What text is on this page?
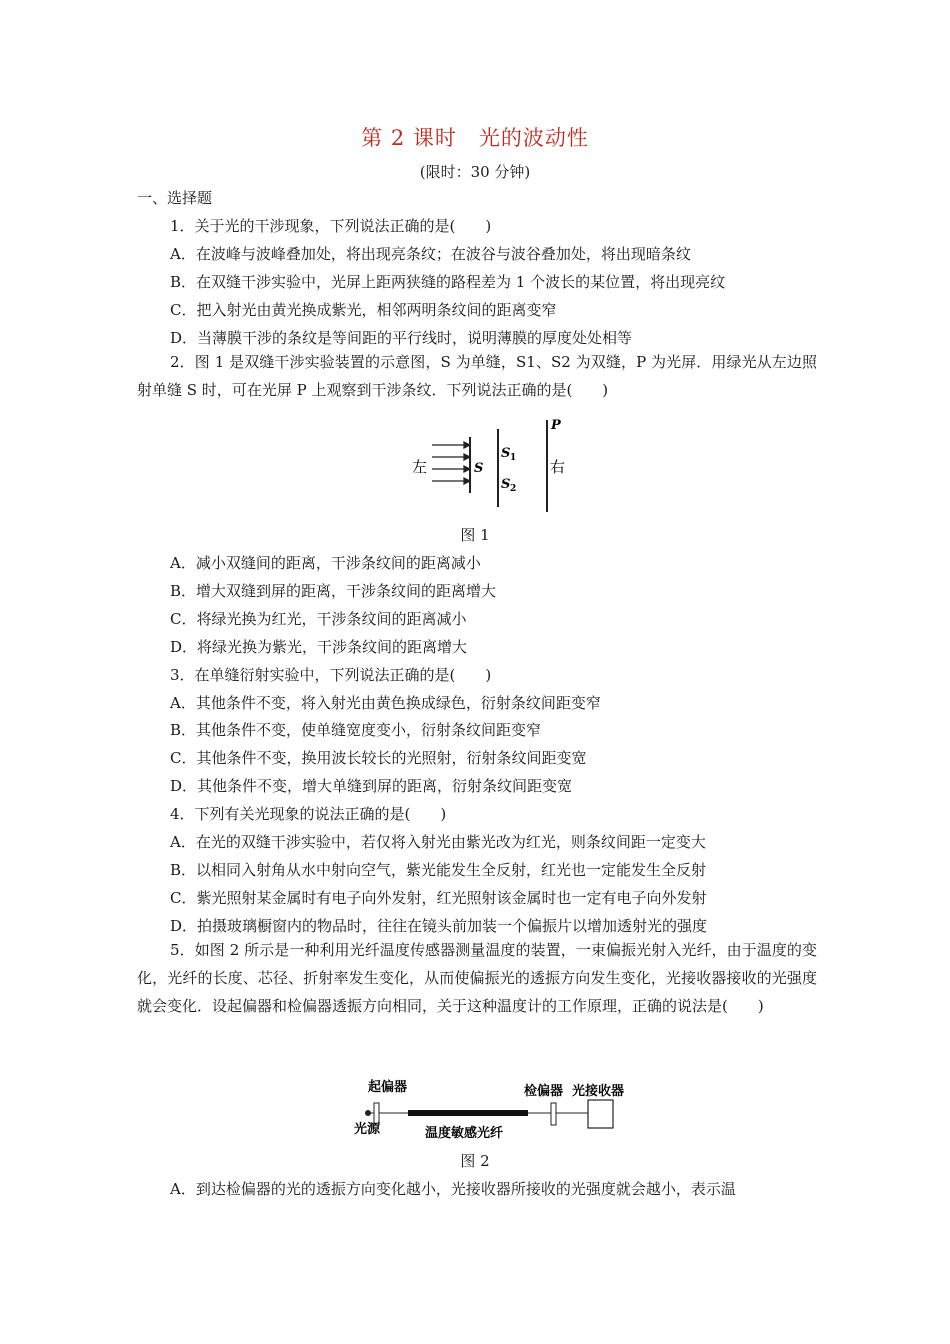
第 2 课时　光的波动性
(限时：30 分钟)
一、选择题
1．关于光的干涉现象，下列说法正确的是(　　)
A．在波峰与波峰叠加处，将出现亮条纹；在波谷与波谷叠加处，将出现暗条纹
B．在双缝干涉实验中，光屏上距两狭缝的路程差为 1 个波长的某位置，将出现亮纹
C．把入射光由黄光换成紫光，相邻两明条纹间的距离变窄
D．当薄膜干涉的条纹是等间距的平行线时，说明薄膜的厚度处处相等
2．图 1 是双缝干涉实验装置的示意图，S 为单缝，S1、S2 为双缝，P 为光屏．用绿光从左边照射单缝 S 时，可在光屏 P 上观察到干涉条纹．下列说法正确的是(　　)
左	S
S 1
S 2
P
右
图 1
A．减小双缝间的距离，干涉条纹间的距离减小
B．增大双缝到屏的距离，干涉条纹间的距离增大
C．将绿光换为红光，干涉条纹间的距离减小
D．将绿光换为紫光，干涉条纹间的距离增大
3．在单缝衍射实验中，下列说法正确的是(　　)
A．其他条件不变，将入射光由黄色换成绿色，衍射条纹间距变窄
B．其他条件不变，使单缝宽度变小，衍射条纹间距变窄
C．其他条件不变，换用波长较长的光照射，衍射条纹间距变宽
D．其他条件不变，增大单缝到屏的距离，衍射条纹间距变宽
4．下列有关光现象的说法正确的是(　　)
A．在光的双缝干涉实验中，若仅将入射光由紫光改为红光，则条纹间距一定变大
B．以相同入射角从水中射向空气，紫光能发生全反射，红光也一定能发生全反射
C．紫光照射某金属时有电子向外发射，红光照射该金属时也一定有电子向外发射
D．拍摄玻璃橱窗内的物品时，往往在镜头前加装一个偏振片以增加透射光的强度
5．如图 2 所示是一种利用光纤温度传感器测量温度的装置，一束偏振光射入光纤，由于温度的变化，光纤的长度、芯径、折射率发生变化，从而使偏振光的透振方向发生变化，光接收器接收的光强度就会变化．设起偏器和检偏器透振方向相同，关于这种温度计的工作原理，正确的说法是(　　)
起偏器	检偏器 光接收器
光源	温度敏感光纤
图 2
A．到达检偏器的光的透振方向变化越小，光接收器所接收的光强度就会越小，表示温
